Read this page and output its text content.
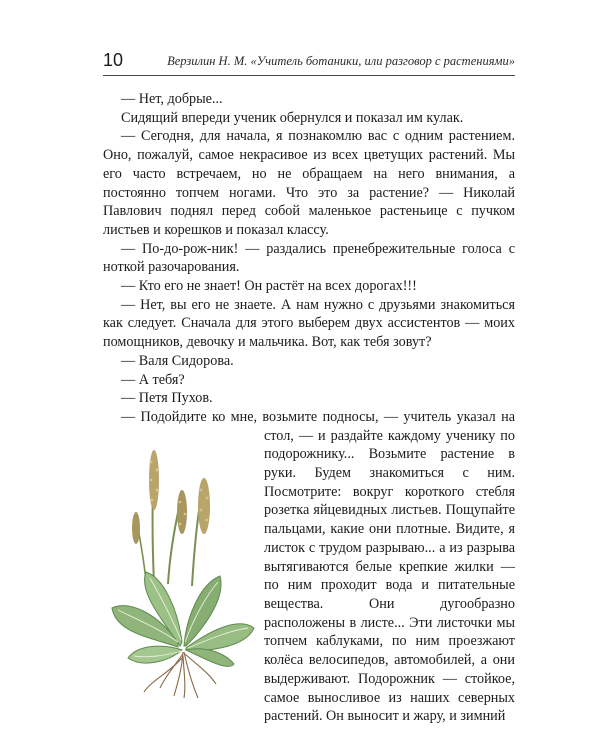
10	Верзилин Н. М. «Учитель ботаники, или разговор с растениями»

— Нет, добрые...

Сидящий впереди ученик обернулся и показал им кулак.

— Сегодня, для начала, я познакомлю вас с одним растением. Оно, пожалуй, самое некрасивое из всех цветущих растений. Мы его часто встречаем, но не обращаем на него внимания, а постоянно топчем ногами. Что это за растение? — Николай Павлович поднял перед собой маленькое растеньице с пучком листьев и корешков и показал классу.

— По-до-рож-ник! — раздались пренебрежительные голоса с ноткой разочарования.

— Кто его не знает! Он растёт на всех дорогах!!!

— Нет, вы его не знаете. А нам нужно с друзьями знакомиться как следует. Сначала для этого выберем двух ассистентов — моих помощников, девочку и мальчика. Вот, как тебя зовут?

— Валя Сидорова.

— А тебя?

— Петя Пухов.

— Подойдите ко мне, возьмите подносы, — учитель указал на стол, — и раздайте каждому ученику по подорожнику... Возьмите растение в руки. Будем знакомиться с ним. Посмотрите: вокруг короткого стебля розетка яйцевидных листьев. Пощупайте пальцами, какие они плотные. Видите, я листок с трудом разрываю... а из разрыва вытягиваются белые крепкие жилки — по ним проходит вода и питательные вещества. Они дугообразно расположены в листе... Эти листочки мы топчем каблуками, по ним проезжают колёса велосипедов, автомобилей, а они выдерживают. Подорожник — стойкое, самое выносливое из наших северных растений. Он выносит и жару, и зимний
